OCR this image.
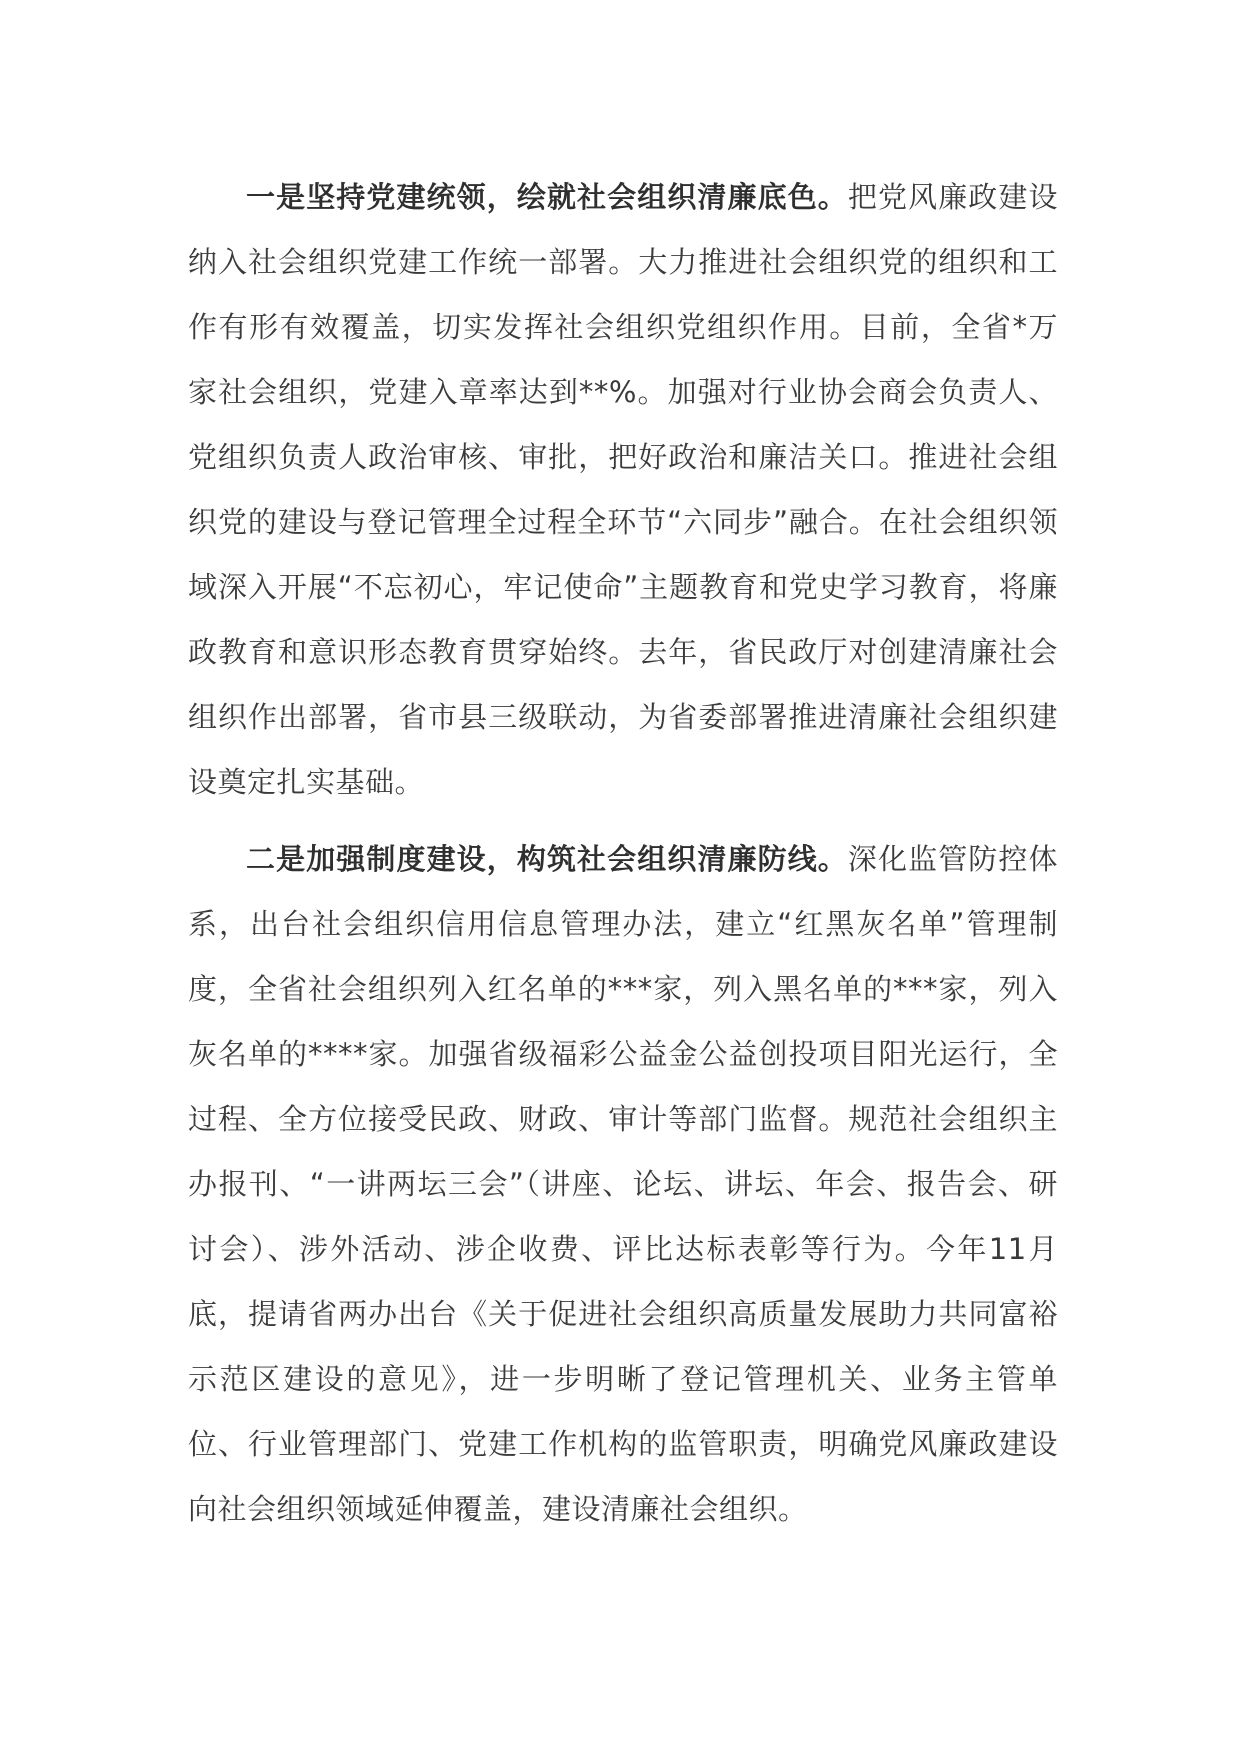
一是坚持党建统领，绘就社会组织清廉底色。把党风廉政建设纳入社会组织党建工作统一部署。大力推进社会组织党的组织和工作有形有效覆盖，切实发挥社会组织党组织作用。目前，全省*万家社会组织，党建入章率达到**%。加强对行业协会商会负责人、党组织负责人政治审核、审批，把好政治和廉洁关口。推进社会组织党的建设与登记管理全过程全环节“六同步”融合。在社会组织领域深入开展“不忘初心，牢记使命”主题教育和党史学习教育，将廉政教育和意识形态教育贯穿始终。去年，省民政厅对创建清廉社会组织作出部署，省市县三级联动，为省委部署推进清廉社会组织建设奠定扎实基础。

二是加强制度建设，构筑社会组织清廉防线。深化监管防控体系，出台社会组织信用信息管理办法，建立“红黑灰名单”管理制度，全省社会组织列入红名单的***家，列入黑名单的***家，列入灰名单的****家。加强省级福彩公益金公益创投项目阳光运行，全过程、全方位接受民政、财政、审计等部门监督。规范社会组织主办报刊、“一讲两坛三会”（讲座、论坛、讲坛、年会、报告会、研讨会）、涉外活动、涉企收费、评比达标表彰等行为。今年11月底，提请省两办出台《关于促进社会组织高质量发展助力共同富裕示范区建设的意见》，进一步明晰了登记管理机关、业务主管单位、行业管理部门、党建工作机构的监管职责，明确党风廉政建设向社会组织领域延伸覆盖，建设清廉社会组织。
